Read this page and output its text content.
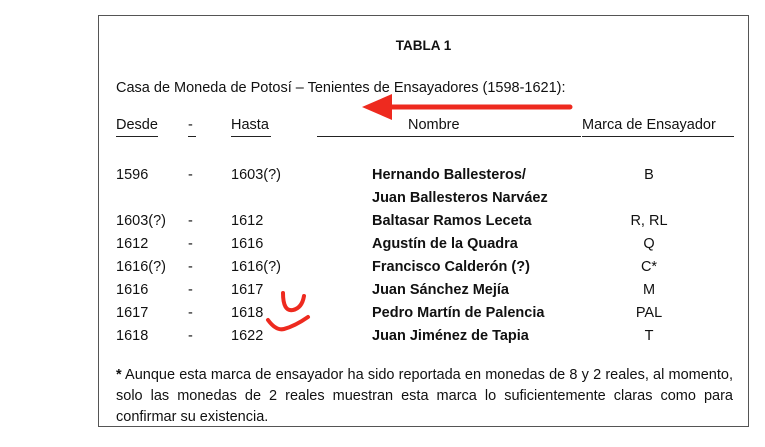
TABLA 1
Casa de Moneda de Potosí – Tenientes de Ensayadores (1598-1621):
Desde -	Hasta	Nombre	Marca de Ensayador
1596	-	1603(?)	Hernando Ballesteros/	B
Juan Ballesteros Narváez
1603(?) -	1612	Baltasar Ramos Leceta	R, RL
1612	-	1616	Agustín de la Quadra	Q
1616(?) -	1616(?)	Francisco Calderón (?)	C*
1616	-	1617	Juan Sánchez Mejía	M
1617	-	1618	Pedro Martín de Palencia	PAL
1618	-	1622	Juan Jiménez de Tapia	T
* Aunque esta marca de ensayador ha sido reportada en monedas de 8 y 2 reales, al momento, solo las monedas de 2 reales muestran esta marca lo suficientemente claras como para confirmar su existencia.
